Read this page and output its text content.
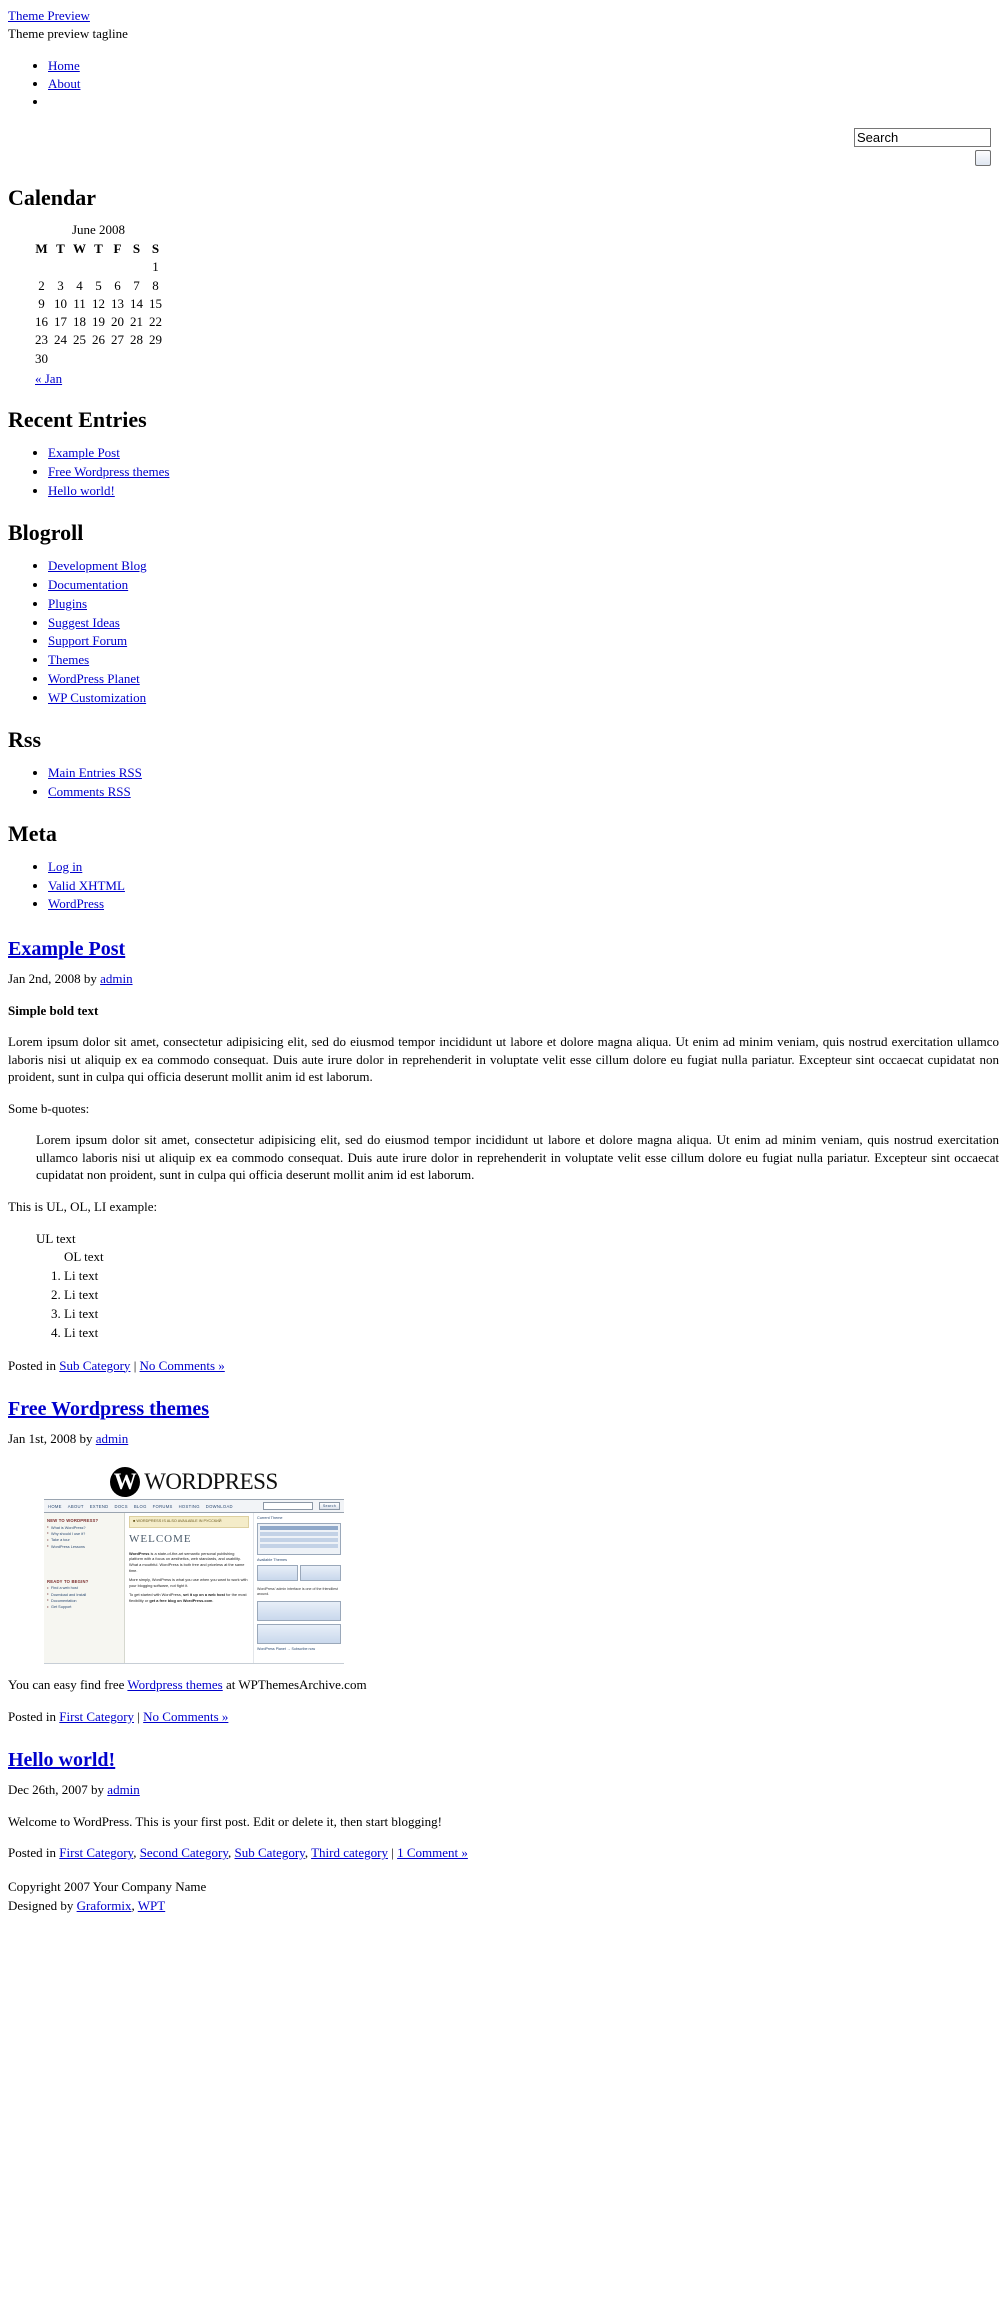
Theme Preview

Theme preview tagline

• Home
• About
•
Search
Calendar
June 2008
M	T	W	T	F	S	S
						1
2	3	4	5	6	7	8
9	10	11	12	13	14	15
16	17	18	19	20	21	22
23	24	25	26	27	28	29
30						
« Jan						
Recent Entries
• Example Post
• Free Wordpress themes
• Hello world!
Blogroll
• Development Blog
• Documentation
• Plugins
• Suggest Ideas
• Support Forum
• Themes
• WordPress Planet
• WP Customization
Rss
• Main Entries RSS
• Comments RSS
Meta
• Log in
• Valid XHTML
• WordPress
Example Post

Jan 2nd, 2008 by admin

Simple bold text

Lorem ipsum dolor sit amet, consectetur adipisicing elit, sed do eiusmod tempor incididunt ut labore et dolore magna aliqua. Ut enim ad minim veniam, quis nostrud exercitation ullamco laboris nisi ut aliquip ex ea commodo consequat. Duis aute irure dolor in reprehenderit in voluptate velit esse cillum dolore eu fugiat nulla pariatur. Excepteur sint occaecat cupidatat non proident, sunt in culpa qui officia deserunt mollit anim id est laborum.

Some b-quotes:

Lorem ipsum dolor sit amet, consectetur adipisicing elit, sed do eiusmod tempor incididunt ut labore et dolore magna aliqua. Ut enim ad minim veniam, quis nostrud exercitation ullamco laboris nisi ut aliquip ex ea commodo consequat. Duis aute irure dolor in reprehenderit in voluptate velit esse cillum dolore eu fugiat nulla pariatur. Excepteur sint occaecat cupidatat non proident, sunt in culpa qui officia deserunt mollit anim id est laborum.

This is UL, OL, LI example:

UL text
OL text
1. Li text
2. Li text
3. Li text
4. Li text

Posted in Sub Category | No Comments »

Free Wordpress themes

Jan 1st, 2008 by admin

W WORDPRESS
HOME ABOUT EXTEND DOCS BLOG FORUMS HOSTING DOWNLOAD	Search
NEW TO WORDPRESS?
▸ What is WordPress?
▸ Why should I use it?
▸ Take a tour
▸ WordPress Lessons
READY TO BEGIN?
▸ Find a web host
▸ Download and Install
▸ Documentation
▸ Get Support
■ WORDPRESS IS ALSO AVAILABLE IN РУССКИЙ
WELCOME

WordPress is a state-of-the-art semantic personal publishing platform with a focus on aesthetics, web standards, and usability. What a mouthful. WordPress is both free and priceless at the same time.

More simply, WordPress is what you use when you want to work with your blogging software, not fight it.

To get started with WordPress, set it up on a web host for the most flexibility or get a free blog on WordPress.com.

Current Theme
Available Themes
WordPress' admin interface is one of the friendliest around.
WordPress Planet → Subscribe now

You can easy find free Wordpress themes at WPThemesArchive.com

Posted in First Category | No Comments »

Hello world!

Dec 26th, 2007 by admin

Welcome to WordPress. This is your first post. Edit or delete it, then start blogging!

Posted in First Category, Second Category, Sub Category, Third category | 1 Comment »

Copyright 2007 Your Company Name

Designed by Graformix, WPT
